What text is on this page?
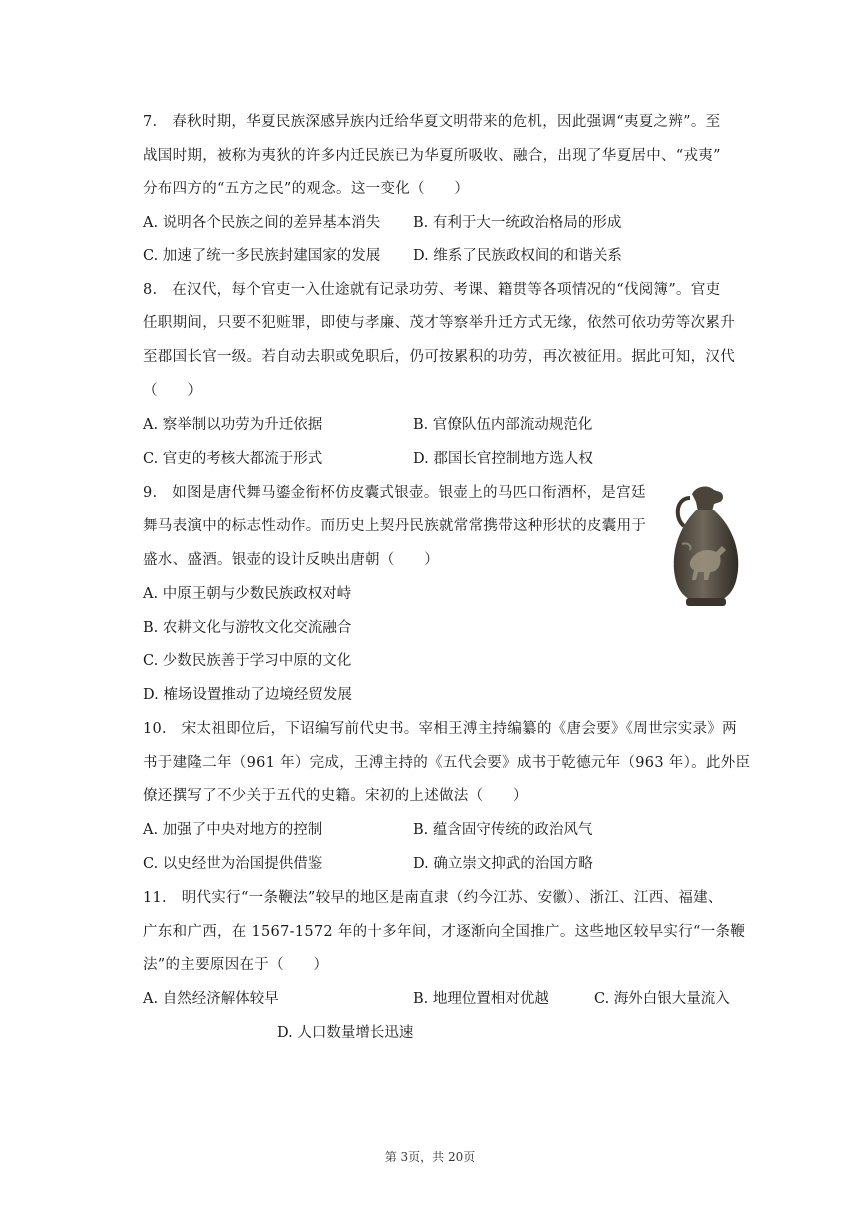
7.　春秋时期，华夏民族深感异族内迁给华夏文明带来的危机，因此强调“夷夏之辨”。至
战国时期，被称为夷狄的许多内迁民族已为华夏所吸收、融合，出现了华夏居中、“戎夷”
分布四方的“五方之民”的观念。这一变化（　　）
A. 说明各个民族之间的差异基本消失 B. 有利于大一统政治格局的形成
C. 加速了统一多民族封建国家的发展 D. 维系了民族政权间的和谐关系
8.　在汉代，每个官吏一入仕途就有记录功劳、考课、籍贯等各项情况的“伐阅簿”。官吏
任职期间，只要不犯赃罪，即使与孝廉、茂才等察举升迁方式无缘，依然可依功劳等次累升
至郡国长官一级。若自动去职或免职后，仍可按累积的功劳，再次被征用。据此可知，汉代
（　　）
A. 察举制以功劳为升迁依据	B. 官僚队伍内部流动规范化
C. 官吏的考核大都流于形式	D. 郡国长官控制地方选人权
9.　如图是唐代舞马鎏金衔杯仿皮囊式银壶。银壶上的马匹口衔酒杯，是宫廷
舞马表演中的标志性动作。而历史上契丹民族就常常携带这种形状的皮囊用于
盛水、盛酒。银壶的设计反映出唐朝（　　）
A. 中原王朝与少数民族政权对峙
B. 农耕文化与游牧文化交流融合
C. 少数民族善于学习中原的文化
D. 榷场设置推动了边境经贸发展
10.　宋太祖即位后，下诏编写前代史书。宰相王溥主持编纂的《唐会要》《周世宗实录》两
书于建隆二年（961 年）完成，王溥主持的《五代会要》成书于乾德元年（963 年）。此外臣
僚还撰写了不少关于五代的史籍。宋初的上述做法（　　）
A. 加强了中央对地方的控制	B. 蕴含固守传统的政治风气
C. 以史经世为治国提供借鉴	D. 确立崇文抑武的治国方略
11.　明代实行“一条鞭法”较早的地区是南直隶（约今江苏、安徽）、浙江、江西、福建、
广东和广西，在 1567-1572 年的十多年间，才逐渐向全国推广。这些地区较早实行“一条鞭
法”的主要原因在于（　　）
A. 自然经济解体较早	B. 地理位置相对优越	C. 海外白银大量流入
D. 人口数量增长迅速
第 3页，共 20页
